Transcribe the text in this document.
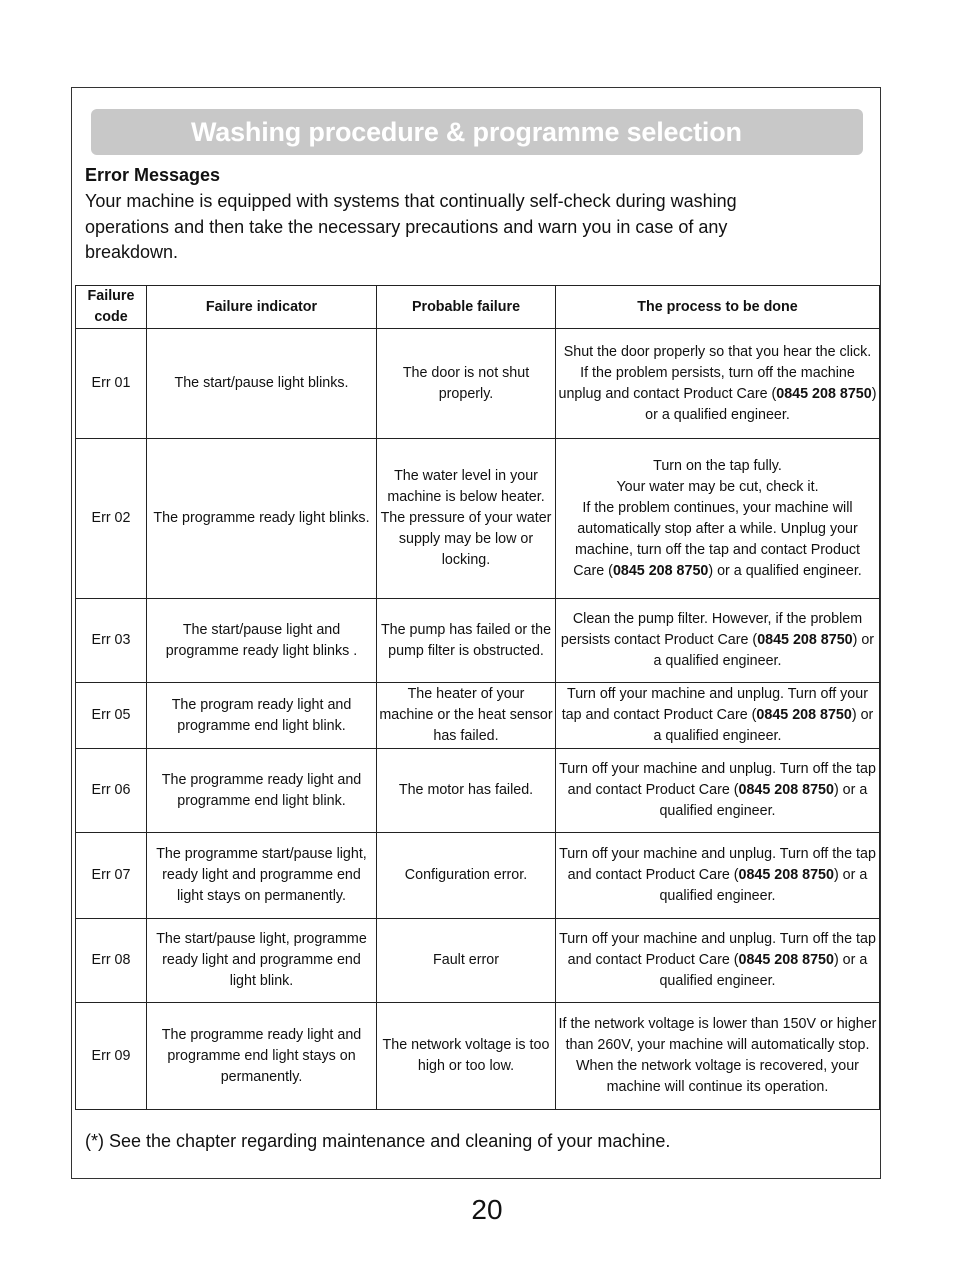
Washing procedure & programme selection
Error Messages
Your machine is equipped with systems that continually self-check during washing operations and then take the necessary precautions and warn you in case of any breakdown.
Failure code	Failure indicator	Probable failure	The process to be done
Err 01	The start/pause light blinks.	The door is not shut properly.	Shut the door properly so that you hear the click. If the problem persists, turn off the machine unplug and contact Product Care (0845 208 8750) or a qualified engineer.
Err 02	The programme ready light blinks.	The water level in your machine is below heater. The pressure of your water supply may be low or locking.	Turn on the tap fully.
Your water may be cut, check it.
If the problem continues, your machine will automatically stop after a while. Unplug your machine, turn off the tap and contact Product Care (0845 208 8750) or a qualified engineer.
Err 03	The start/pause light and programme ready light blinks .	The pump has failed or the pump filter is obstructed.	Clean the pump filter. However, if the problem persists contact Product Care (0845 208 8750) or a qualified engineer.
Err 05	The program ready light and programme end light blink.	The heater of your machine or the heat sensor has failed.	Turn off your machine and unplug. Turn off your tap and contact Product Care (0845 208 8750) or a qualified engineer.
Err 06	The programme ready light and programme end light blink.	The motor has failed.	Turn off your machine and unplug. Turn off the tap and contact Product Care (0845 208 8750) or a qualified engineer.
Err 07	The programme start/pause light, ready light and programme end light stays on permanently.	Configuration error.	Turn off your machine and unplug. Turn off the tap and contact Product Care (0845 208 8750) or a qualified engineer.
Err 08	The start/pause light, programme ready light and programme end light blink.	Fault error	Turn off your machine and unplug. Turn off the tap and contact Product Care (0845 208 8750) or a qualified engineer.
Err 09	The programme ready light and programme end light stays on permanently.	The network voltage is too high or too low.	If the network voltage is lower than 150V or higher than 260V, your machine will automatically stop. When the network voltage is recovered, your machine will continue its operation.
(*) See the chapter regarding maintenance and cleaning of your machine.
20
